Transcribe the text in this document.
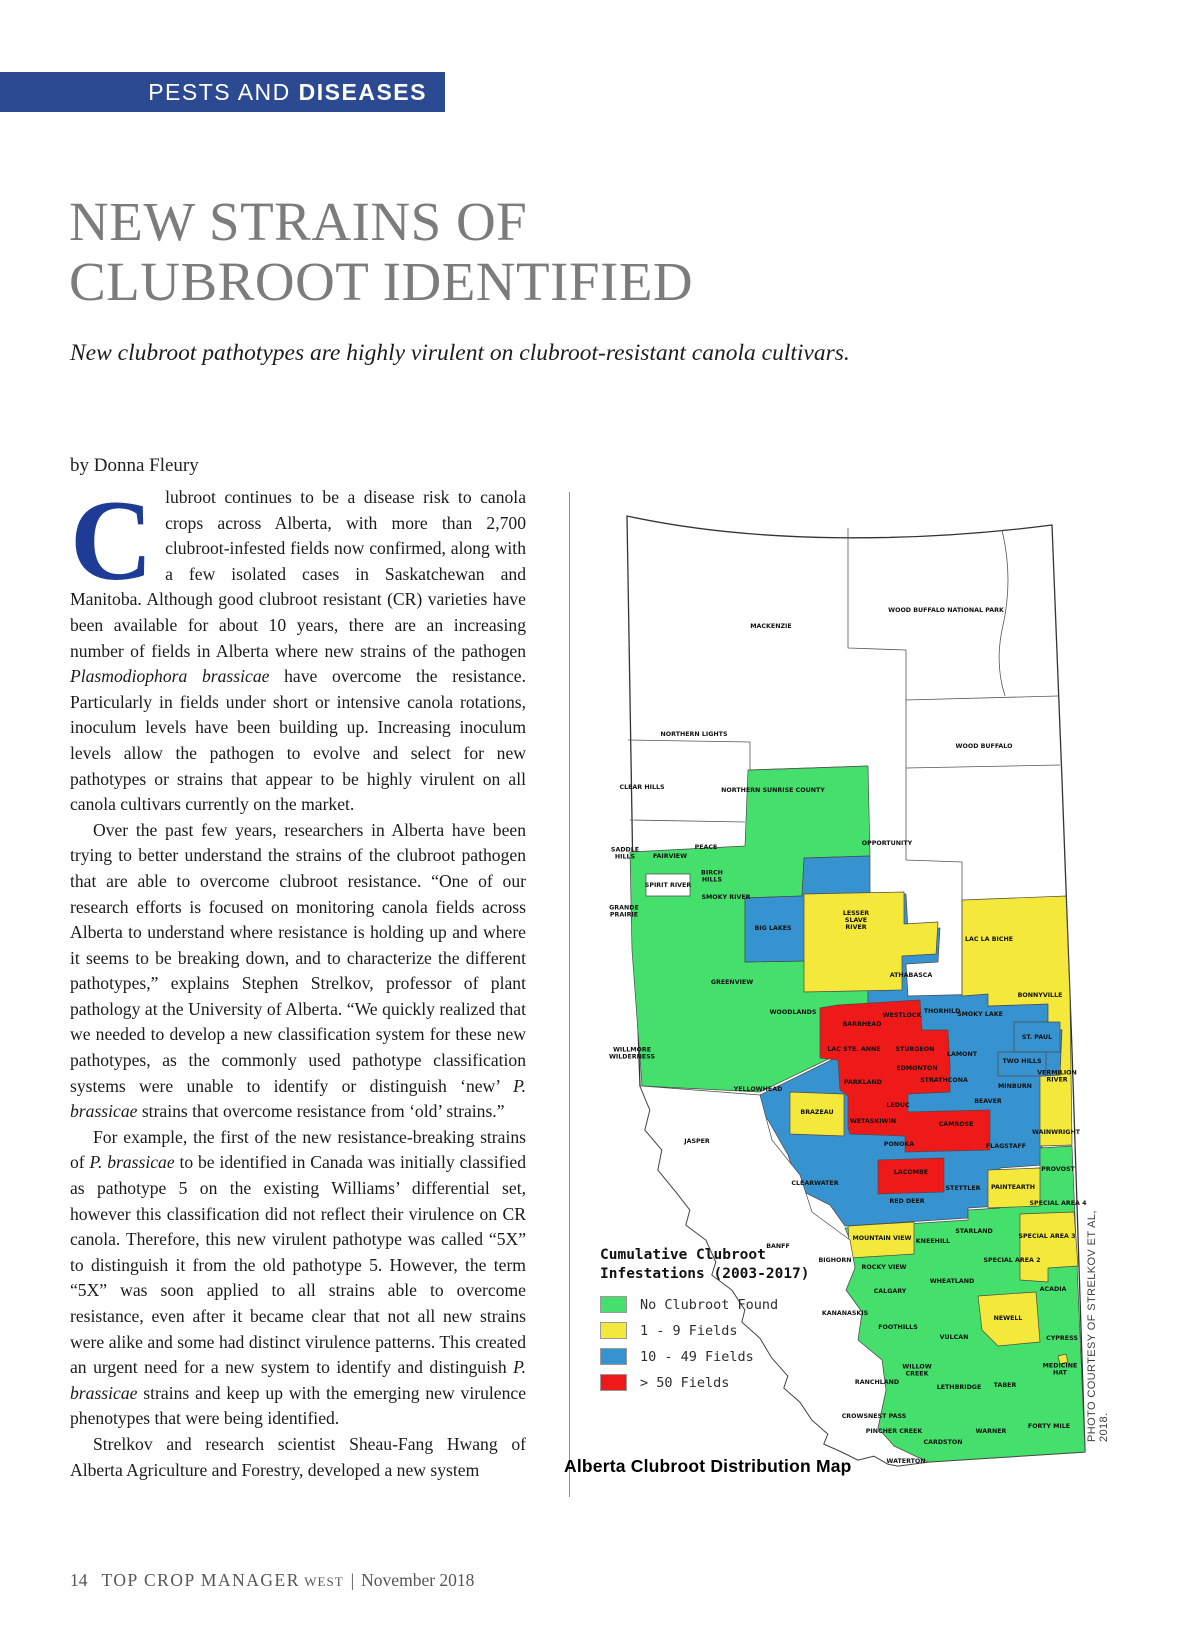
PESTS AND DISEASES
NEW STRAINS OF
CLUBROOT IDENTIFIED
New clubroot pathotypes are highly virulent on clubroot-resistant canola cultivars.
by Donna Fleury

Clubroot continues to be a disease risk to canola crops across Alberta, with more than 2,700 clubroot-infested fields now confirmed, along with a few isolated cases in Saskatchewan and Manitoba. Although good clubroot resistant (CR) varieties have been available for about 10 years, there are an increasing number of fields in Alberta where new strains of the pathogen Plasmodiophora brassicae have overcome the resistance. Particularly in fields under short or intensive canola rotations, inoculum levels have been building up. Increasing inoculum levels allow the pathogen to evolve and select for new pathotypes or strains that appear to be highly virulent on all canola cultivars currently on the market.

Over the past few years, researchers in Alberta have been trying to better understand the strains of the clubroot pathogen that are able to overcome clubroot resistance. “One of our research efforts is focused on monitoring canola fields across Alberta to understand where resistance is holding up and where it seems to be breaking down, and to characterize the different pathotypes,” explains Stephen Strelkov, professor of plant pathology at the University of Alberta. “We quickly realized that we needed to develop a new classification system for these new pathotypes, as the commonly used pathotype classification systems were unable to identify or distinguish ‘new’ P. brassicae strains that overcome resistance from ‘old’ strains.”

For example, the first of the new resistance-breaking strains of P. brassicae to be identified in Canada was initially classified as pathotype 5 on the existing Williams’ differential set, however this classification did not reflect their virulence on CR canola. Therefore, this new virulent pathotype was called “5X” to distinguish it from the old pathotype 5. However, the term “5X” was soon applied to all strains able to overcome resistance, even after it became clear that not all new strains were alike and some had distinct virulence patterns. This created an urgent need for a new system to identify and distinguish P. brassicae strains and keep up with the emerging new virulence phenotypes that were being identified.

Strelkov and research scientist Sheau-Fang Hwang of Alberta Agriculture and Forestry, developed a new system

MACKENZIE
WOOD BUFFALO NATIONAL PARK
NORTHERN LIGHTS
WOOD BUFFALO
CLEAR HILLS	NORTHERN SUNRISE COUNTY
OPPORTUNITY
SADDLE HILLS	FAIRVIEW
PEACE
SPIRIT RIVER
BIRCH HILLS
SMOKY RIVER
GRANDE PRAIRIE
GREENVIEW
BIG LAKES
LESSER SLAVE RIVER
LAC LA BICHE
BONNYVILLE
ATHABASCA
WOODLANDS	WESTLOCK
BARRHEAD
THORHILD
SMOKY LAKE
ST. PAUL
LAC STE. ANNE STURGEON
LAMONT
TWO HILLS
WILLMORE WILDERNESS
YELLOWHEAD
PARKLAND
EDMONTON
STRATHCONA
MINBURN
VERMILION RIVER
BRAZEAU
LEDUC
BEAVER
JASPER
WETASKIWIN	CAMROSE
WAINWRIGHT
PONOKA	FLAGSTAFF
LACOMBE	PROVOST
CLEARWATER
RED DEER
STETTLER PAINTEARTH
SPECIAL AREA 4
BANFF
MOUNTAIN VIEW KNEEHILL
STARLAND
SPECIAL AREA 2
SPECIAL AREA 3
BIGHORN
ROCKY VIEW
ACADIA
CALGARY
WHEATLAND
KANANASKIS
FOOTHILLS
VULCAN
NEWELL
CYPRESS
MEDICINE HAT
RANCHLAND
WILLOW CREEK
LETHBRIDGE TABER
CROWSNEST PASS
PINCHER CREEK
CARDSTON
WARNER
FORTY MILE
WATERTON
Cumulative Clubroot
Infestations (2003-2017)
No Clubroot Found
1 - 9 Fields
10 - 49 Fields
> 50 Fields
Alberta Clubroot Distribution Map
PHOTO COURTESY OF STRELKOV ET AL, 2018.
14 TOP CROP MANAGER WEST | November 2018
